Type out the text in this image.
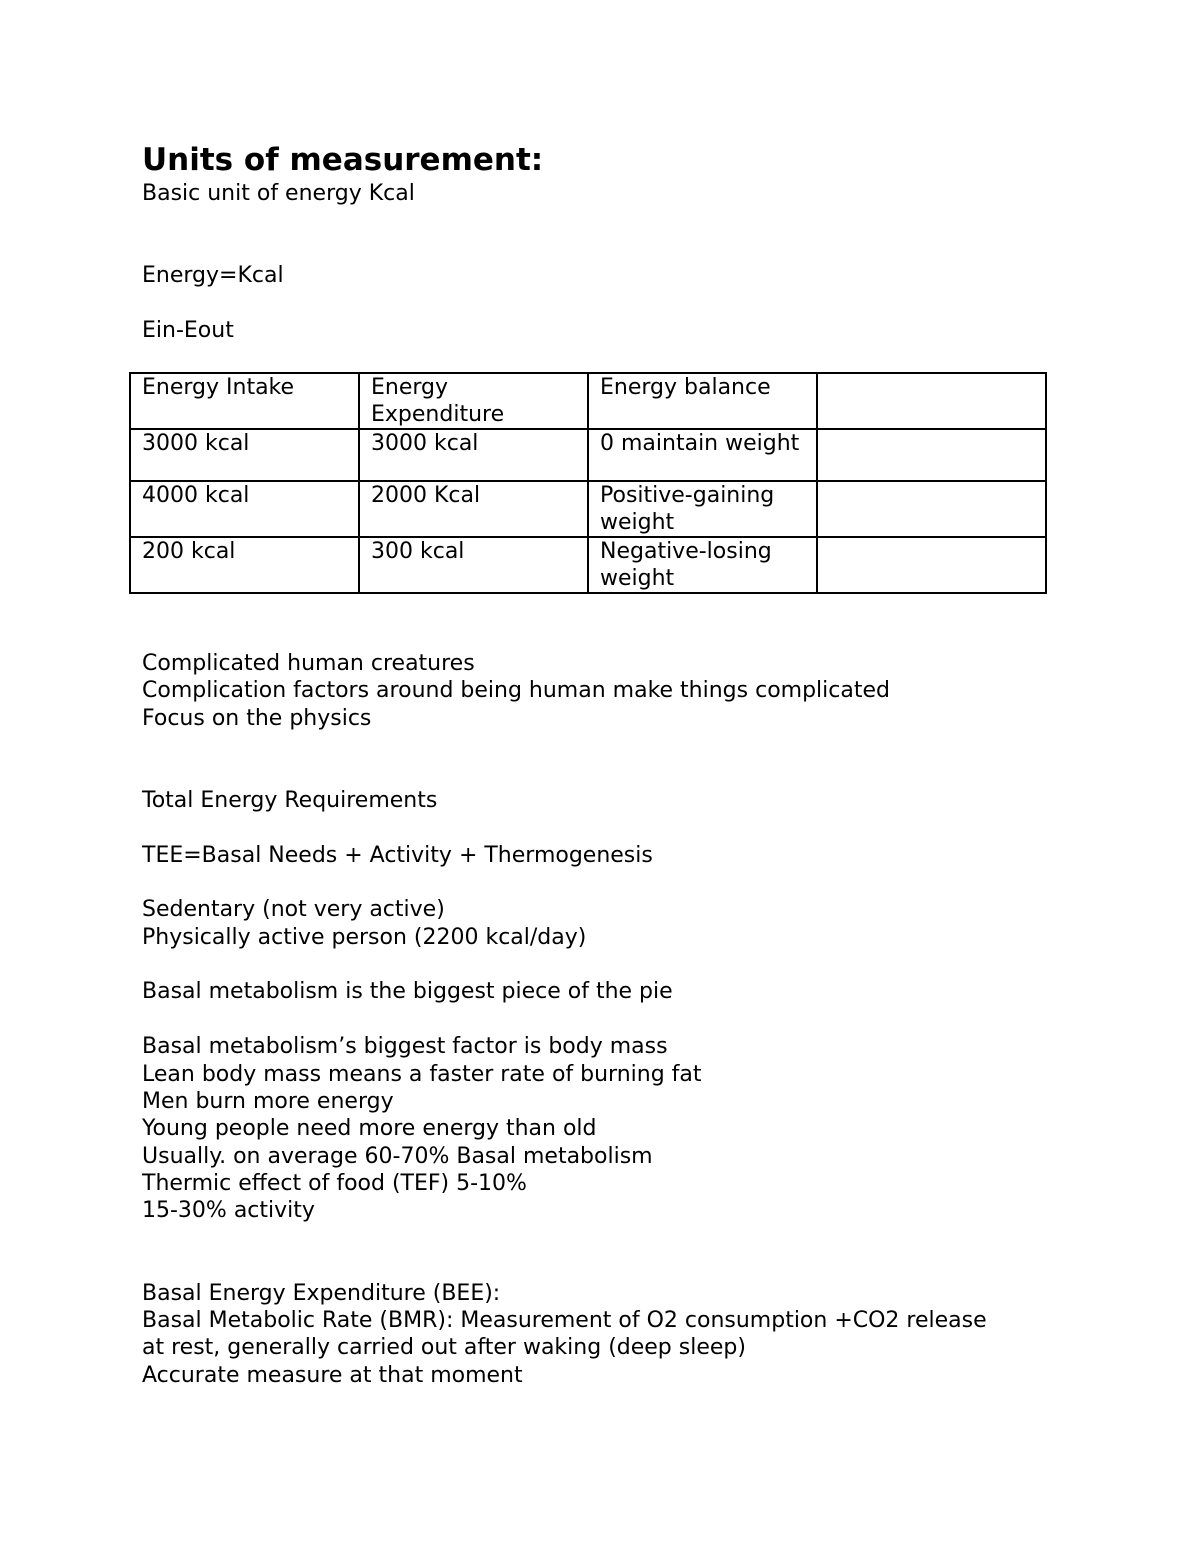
Units of measurement:
Basic unit of energy Kcal
Energy=Kcal
Ein-Eout
Energy Intake	Energy Expenditure	Energy balance	
3000 kcal	3000 kcal	0 maintain weight	
4000 kcal	2000 Kcal	Positive-gaining weight	
200 kcal	300 kcal	Negative-losing weight	
Complicated human creatures
Complication factors around being human make things complicated
Focus on the physics
Total Energy Requirements
TEE=Basal Needs + Activity + Thermogenesis
Sedentary (not very active)
Physically active person (2200 kcal/day)
Basal metabolism is the biggest piece of the pie
Basal metabolism’s biggest factor is body mass
Lean body mass means a faster rate of burning fat
Men burn more energy
Young people need more energy than old
Usually. on average 60-70% Basal metabolism
Thermic effect of food (TEF) 5-10%
15-30% activity
Basal Energy Expenditure (BEE):
Basal Metabolic Rate (BMR): Measurement of O2 consumption +CO2 release
at rest, generally carried out after waking (deep sleep)
Accurate measure at that moment
